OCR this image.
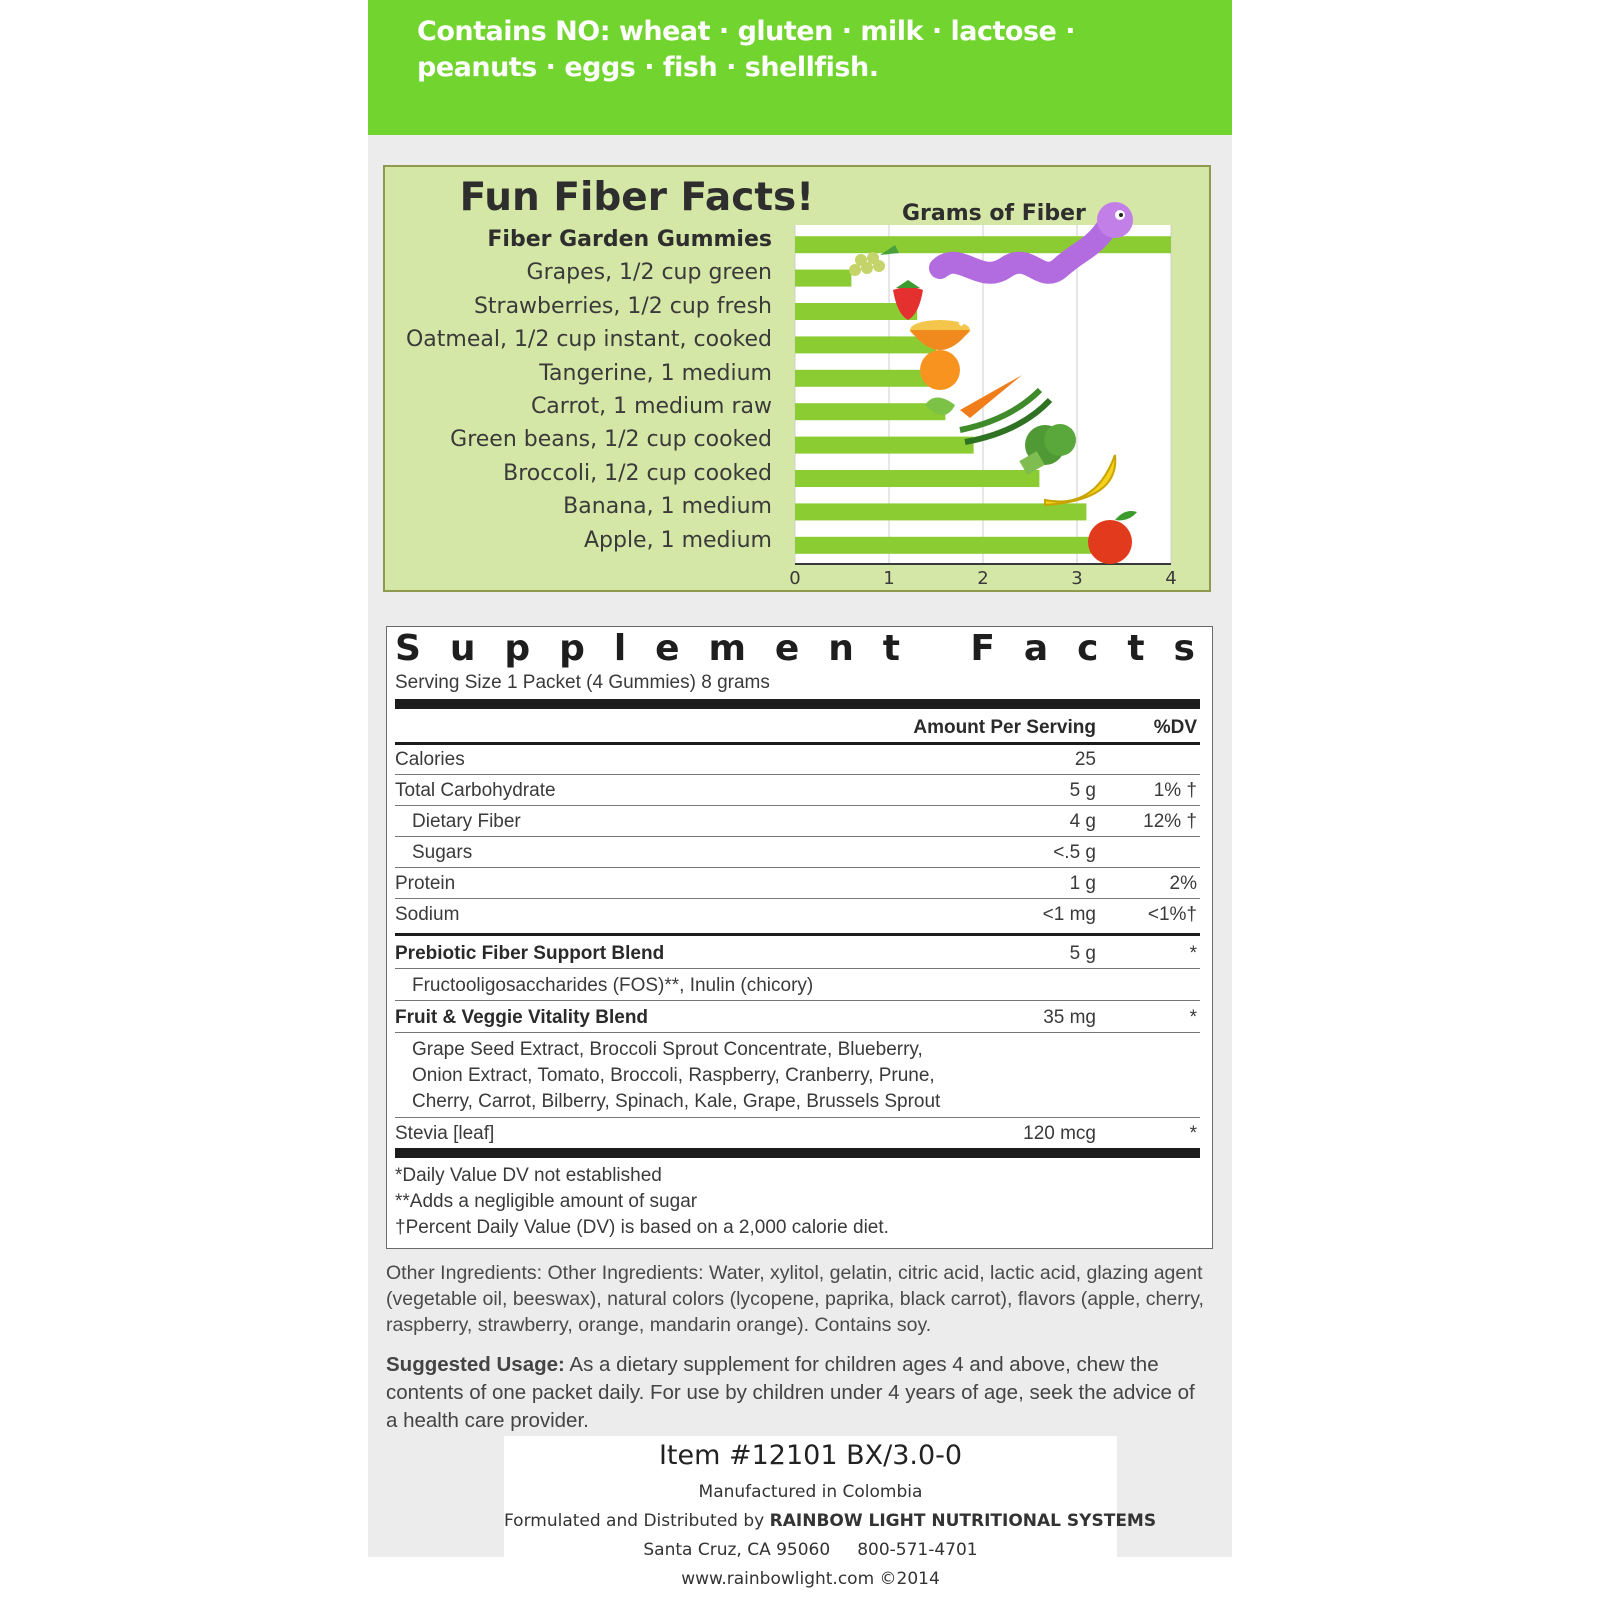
Contains NO: wheat · gluten · milk · lactose ·
peanuts · eggs · fish · shellfish.
Fun Fiber Facts!
Fiber Garden Gummies
Grapes, 1/2 cup green
Strawberries, 1/2 cup fresh
Oatmeal, 1/2 cup instant, cooked
Tangerine, 1 medium
Carrot, 1 medium raw
Green beans, 1/2 cup cooked
Broccoli, 1/2 cup cooked
Banana, 1 medium
Apple, 1 medium
0	1	2	3	4
Grams of Fiber
S u p p l e m e n t
F a c t s
Serving Size 1 Packet (4 Gummies) 8 grams
Amount Per Serving	%DV
Calories	25
Total Carbohydrate	5 g	1% †
Dietary Fiber	4 g 12% †
Sugars	<.5 g
Protein	1 g	2%
Sodium	<1 mg	<1%†
Prebiotic Fiber Support Blend	5 g	*
Fructooligosaccharides (FOS)**, Inulin (chicory)
Fruit & Veggie Vitality Blend	35 mg	*
Grape Seed Extract, Broccoli Sprout Concentrate, Blueberry,
Onion Extract, Tomato, Broccoli, Raspberry, Cranberry, Prune,
Cherry, Carrot, Bilberry, Spinach, Kale, Grape, Brussels Sprout
Stevia [leaf]	120 mcg	*
*Daily Value DV not established
**Adds a negligible amount of sugar
†Percent Daily Value (DV) is based on a 2,000 calorie diet.
Other Ingredients: Other Ingredients: Water, xylitol, gelatin, citric acid, lactic acid, glazing agent (vegetable oil, beeswax), natural colors (lycopene, paprika, black carrot), flavors (apple, cherry, raspberry, strawberry, orange, mandarin orange). Contains soy.
Suggested Usage: As a dietary supplement for children ages 4 and above, chew the contents of one packet daily. For use by children under 4 years of age, seek the advice of a health care provider.
Item #12101 BX/3.0-0
Manufactured in Colombia
Formulated and Distributed by RAINBOW LIGHT NUTRITIONAL SYSTEMS
Santa Cruz, CA 95060     800-571-4701
www.rainbowlight.com ©2014
